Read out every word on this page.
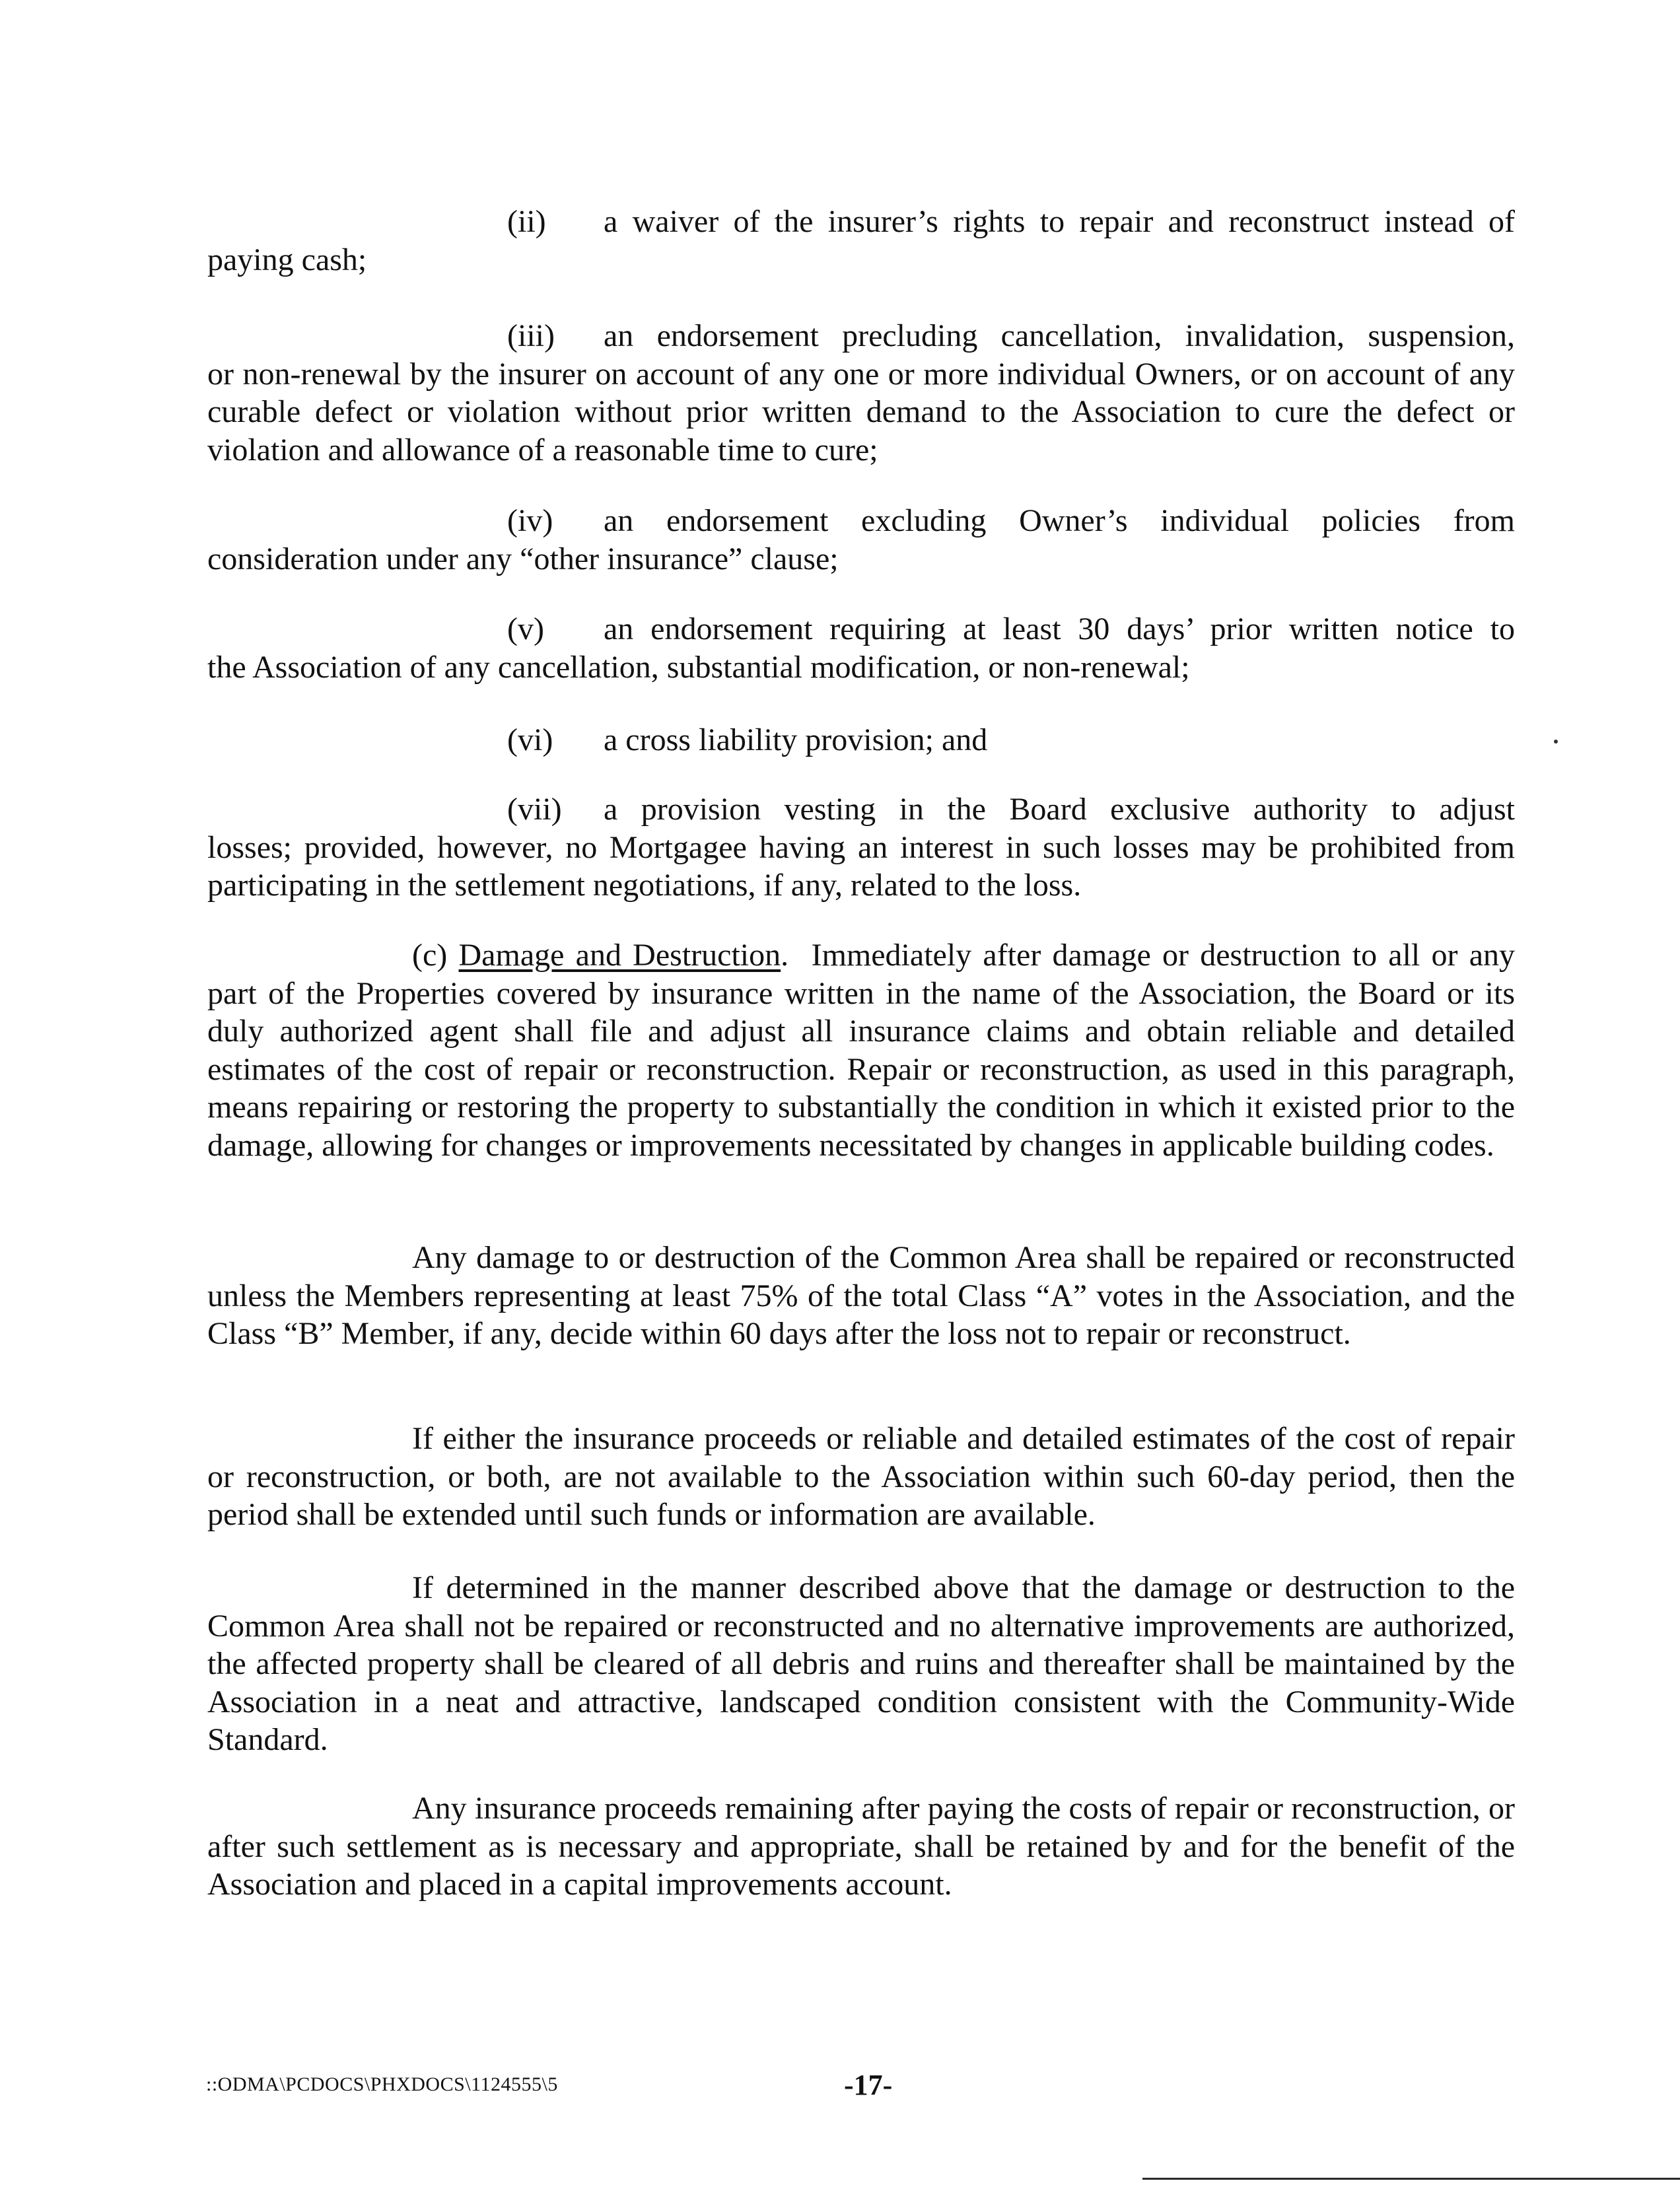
(ii) a waiver of the insurer’s rights to repair and reconstruct instead of
paying cash;
(iii) an endorsement precluding cancellation, invalidation, suspension,
or non-renewal by the insurer on account of any one or more individual Owners, or on account of any curable defect or violation without prior written demand to the Association to cure the defect or violation and allowance of a reasonable time to cure;
(iv) an endorsement excluding Owner’s individual policies from
consideration under any “other insurance” clause;
(v) an endorsement requiring at least 30 days’ prior written notice to
the Association of any cancellation, substantial modification, or non-renewal;
(vi) a cross liability provision; and
(vii) a provision vesting in the Board exclusive authority to adjust
losses; provided, however, no Mortgagee having an interest in such losses may be prohibited from participating in the settlement negotiations, if any, related to the loss.

(c) Damage and Destruction. Immediately after damage or destruction to all or any part of the Properties covered by insurance written in the name of the Association, the Board or its duly authorized agent shall file and adjust all insurance claims and obtain reliable and detailed estimates of the cost of repair or reconstruction. Repair or reconstruction, as used in this paragraph, means repairing or restoring the property to substantially the condition in which it existed prior to the damage, allowing for changes or improvements necessitated by changes in applicable building codes.

Any damage to or destruction of the Common Area shall be repaired or reconstructed unless the Members representing at least 75% of the total Class “A” votes in the Association, and the Class “B” Member, if any, decide within 60 days after the loss not to repair or reconstruct.

If either the insurance proceeds or reliable and detailed estimates of the cost of repair or reconstruction, or both, are not available to the Association within such 60-day period, then the period shall be extended until such funds or information are available.

If determined in the manner described above that the damage or destruction to the Common Area shall not be repaired or reconstructed and no alternative improvements are authorized, the affected property shall be cleared of all debris and ruins and thereafter shall be maintained by the Association in a neat and attractive, landscaped condition consistent with the Community-Wide Standard.

Any insurance proceeds remaining after paying the costs of repair or reconstruction, or after such settlement as is necessary and appropriate, shall be retained by and for the benefit of the Association and placed in a capital improvements account.

::ODMA\PCDOCS\PHXDOCS\1124555\5	-17-
